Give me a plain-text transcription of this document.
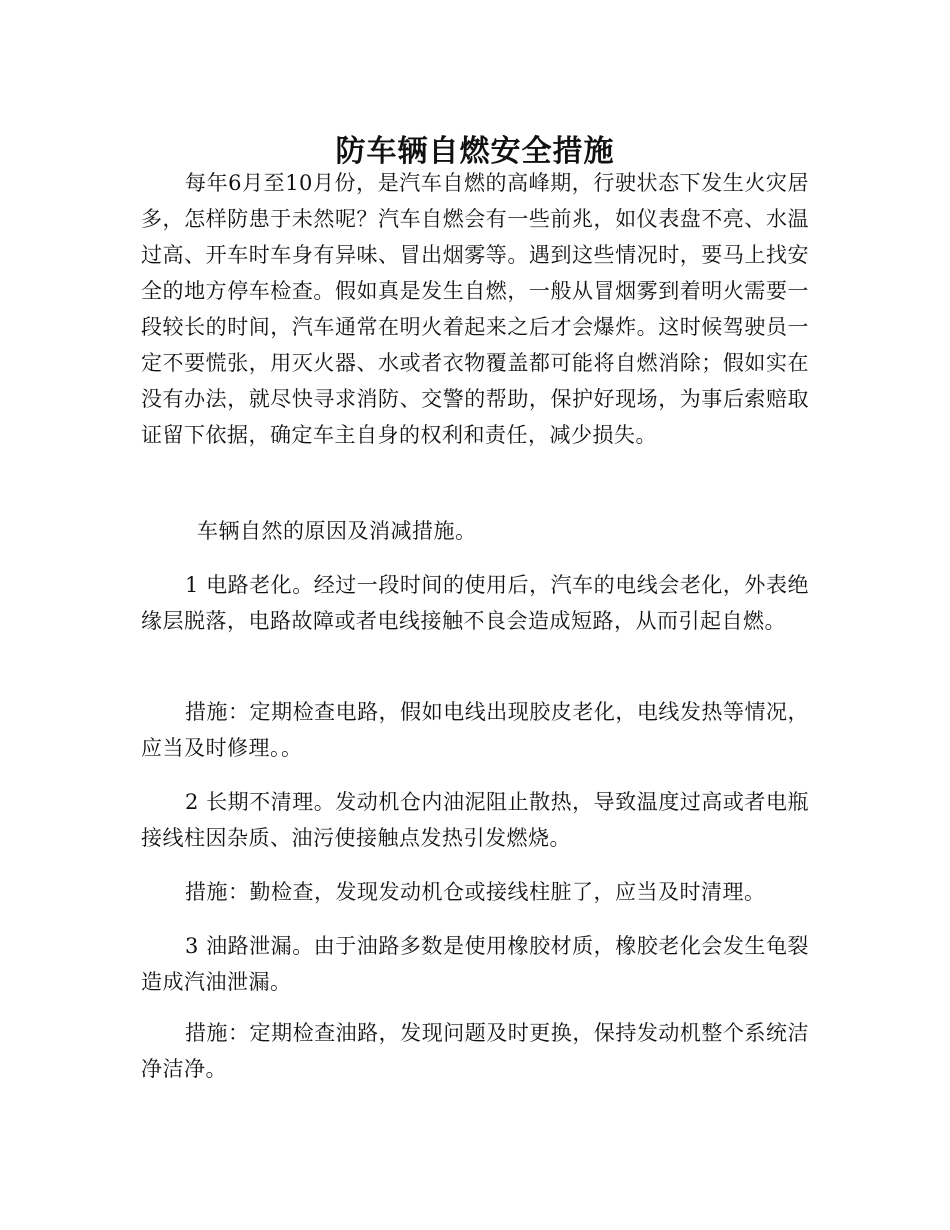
防车辆自燃安全措施

每年6月至10月份，是汽车自燃的高峰期，行驶状态下发生火灾居多，怎样防患于未然呢？汽车自燃会有一些前兆，如仪表盘不亮、水温过高、开车时车身有异味、冒出烟雾等。遇到这些情况时，要马上找安全的地方停车检查。假如真是发生自燃，一般从冒烟雾到着明火需要一段较长的时间，汽车通常在明火着起来之后才会爆炸。这时候驾驶员一定不要慌张，用灭火器、水或者衣物覆盖都可能将自燃消除；假如实在没有办法，就尽快寻求消防、交警的帮助，保护好现场，为事后索赔取证留下依据，确定车主自身的权利和责任，减少损失。

车辆自然的原因及消减措施。

1 电路老化。经过一段时间的使用后，汽车的电线会老化，外表绝缘层脱落，电路故障或者电线接触不良会造成短路，从而引起自燃。

措施：定期检查电路，假如电线出现胶皮老化，电线发热等情况，应当及时修理。。

2 长期不清理。发动机仓内油泥阻止散热，导致温度过高或者电瓶接线柱因杂质、油污使接触点发热引发燃烧。

措施：勤检查，发现发动机仓或接线柱脏了，应当及时清理。

3 油路泄漏。由于油路多数是使用橡胶材质，橡胶老化会发生龟裂造成汽油泄漏。

措施：定期检查油路，发现问题及时更换，保持发动机整个系统洁净洁净。
